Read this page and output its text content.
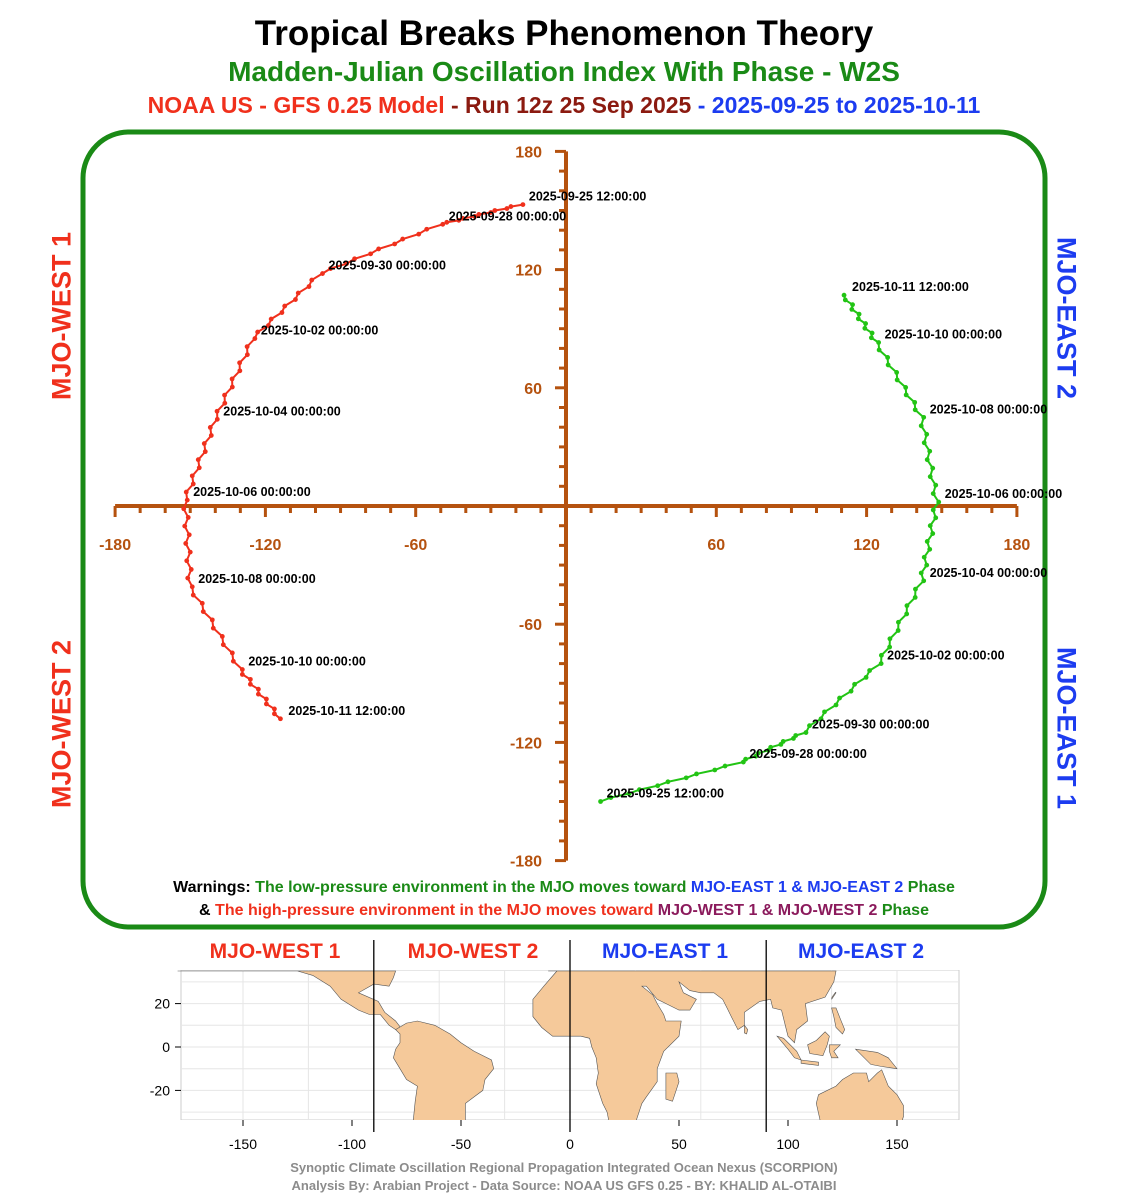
Tropical Breaks Phenomenon Theory
Madden-Julian Oscillation Index With Phase - W2S
NOAA US - GFS 0.25 Model - Run 12z 25 Sep 2025 - 2025-09-25 to 2025-10-11
-180	-120	-60	60	120	180
180
120
60
-60
-120
-180
2025-09-25 12:00:00
2025-09-28 00:00:00
2025-09-30 00:00:00
2025-10-02 00:00:00
2025-10-04 00:00:00
2025-10-06 00:00:00
2025-10-08 00:00:00
2025-10-10 00:00:00
2025-10-11 12:00:00
2025-09-25 12:00:00
2025-09-28 00:00:00
2025-09-30 00:00:00
2025-10-02 00:00:00
2025-10-04 00:00:00
2025-10-06 00:00:00
2025-10-08 00:00:00
2025-10-10 00:00:00
2025-10-11 12:00:00
-150	-100	-50	0	50	100	150
20
0
-20
MJO-WEST 1
MJO-WEST 2
MJO-EAST 2
MJO-EAST 1
Warnings: The low-pressure environment in the MJO moves toward MJO-EAST 1 & MJO-EAST 2 Phase
& The high-pressure environment in the MJO moves toward MJO-WEST 1 & MJO-WEST 2 Phase
MJO-WEST 1	MJO-WEST 2	MJO-EAST 1	MJO-EAST 2
Synoptic Climate Oscillation Regional Propagation Integrated Ocean Nexus (SCORPION)
Analysis By: Arabian Project - Data Source: NOAA US GFS 0.25 - BY: KHALID AL-OTAIBI
